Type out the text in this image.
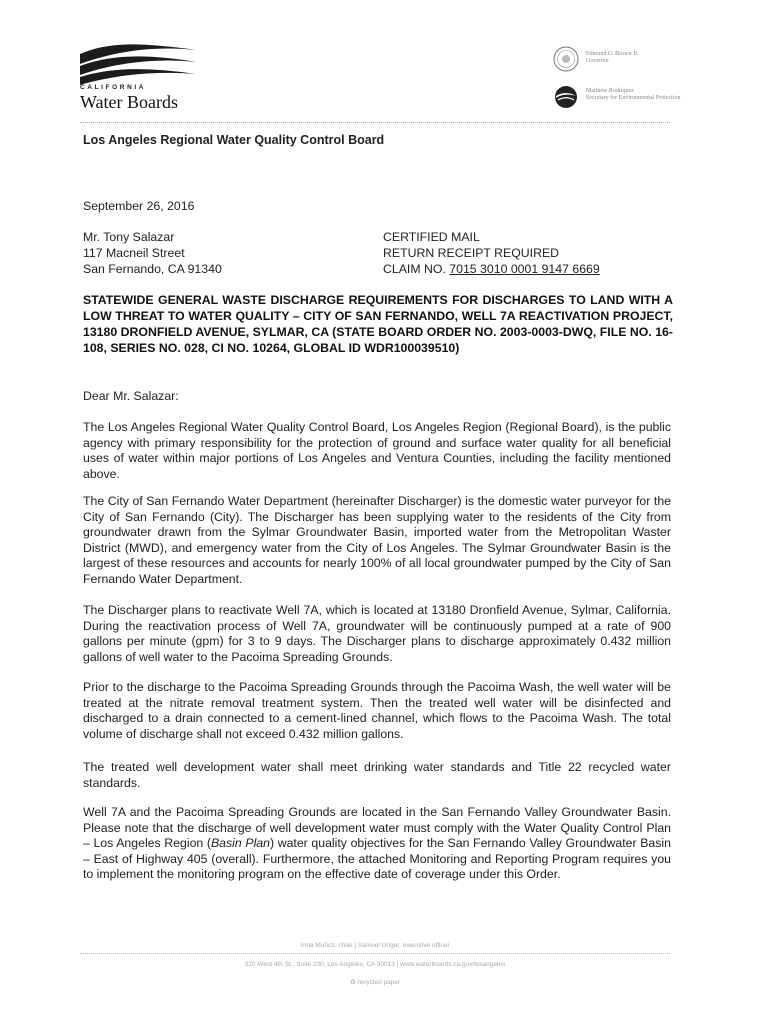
CALIFORNIA
Water Boards
Edmund G. Brown Jr.
Governor
Matthew Rodriquez
Secretary for Environmental Protection
Los Angeles Regional Water Quality Control Board
September 26, 2016
Mr. Tony Salazar
117 Macneil Street
San Fernando, CA 91340
CERTIFIED MAIL
RETURN RECEIPT REQUIRED
CLAIM NO. 7015 3010 0001 9147 6669
STATEWIDE GENERAL WASTE DISCHARGE REQUIREMENTS FOR DISCHARGES TO LAND WITH A LOW THREAT TO WATER QUALITY – CITY OF SAN FERNANDO, WELL 7A REACTIVATION PROJECT, 13180 DRONFIELD AVENUE, SYLMAR, CA (STATE BOARD ORDER NO. 2003-0003-DWQ, FILE NO. 16-108, SERIES NO. 028, CI NO. 10264, GLOBAL ID WDR100039510)
Dear Mr. Salazar:
The Los Angeles Regional Water Quality Control Board, Los Angeles Region (Regional Board), is the public agency with primary responsibility for the protection of ground and surface water quality for all beneficial uses of water within major portions of Los Angeles and Ventura Counties, including the facility mentioned above.
The City of San Fernando Water Department (hereinafter Discharger) is the domestic water purveyor for the City of San Fernando (City). The Discharger has been supplying water to the residents of the City from groundwater drawn from the Sylmar Groundwater Basin, imported water from the Metropolitan Waster District (MWD), and emergency water from the City of Los Angeles. The Sylmar Groundwater Basin is the largest of these resources and accounts for nearly 100% of all local groundwater pumped by the City of San Fernando Water Department.
The Discharger plans to reactivate Well 7A, which is located at 13180 Dronfield Avenue, Sylmar, California. During the reactivation process of Well 7A, groundwater will be continuously pumped at a rate of 900 gallons per minute (gpm) for 3 to 9 days. The Discharger plans to discharge approximately 0.432 million gallons of well water to the Pacoima Spreading Grounds.
Prior to the discharge to the Pacoima Spreading Grounds through the Pacoima Wash, the well water will be treated at the nitrate removal treatment system. Then the treated well water will be disinfected and discharged to a drain connected to a cement-lined channel, which flows to the Pacoima Wash. The total volume of discharge shall not exceed 0.432 million gallons.
The treated well development water shall meet drinking water standards and Title 22 recycled water standards.
Well 7A and the Pacoima Spreading Grounds are located in the San Fernando Valley Groundwater Basin. Please note that the discharge of well development water must comply with the Water Quality Control Plan – Los Angeles Region (Basin Plan) water quality objectives for the San Fernando Valley Groundwater Basin – East of Highway 405 (overall). Furthermore, the attached Monitoring and Reporting Program requires you to implement the monitoring program on the effective date of coverage under this Order.
Irma Muñoz, chair | Samuel Unger, executive officer
320 West 4th St., Suite 200, Los Angeles, CA 90013 | www.waterboards.ca.gov/losangeles
♻ recycled paper
